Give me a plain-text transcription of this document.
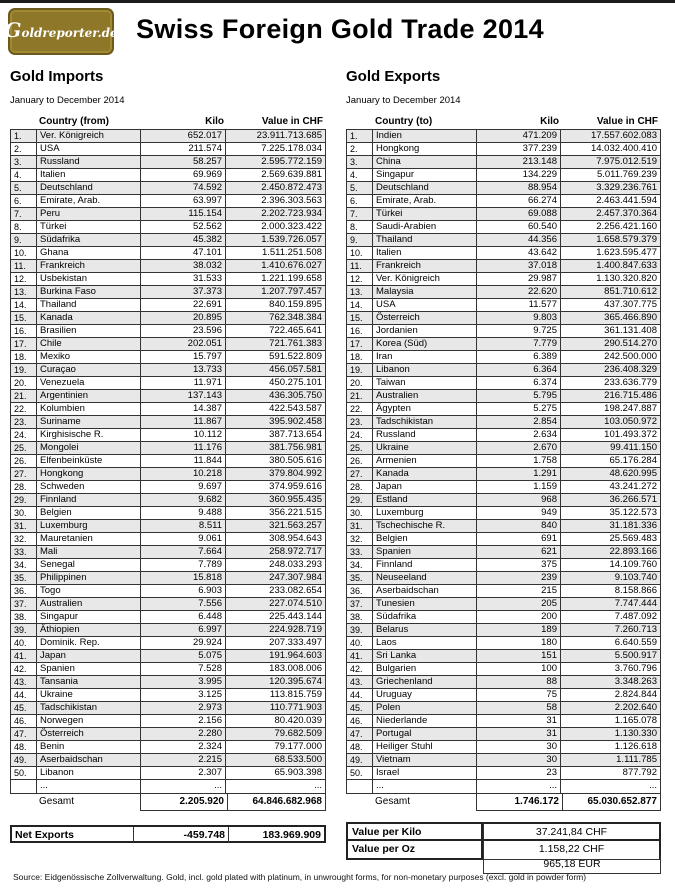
Goldreporter.de Swiss Foreign Gold Trade 2014
Gold Imports
January to December 2014
Country (from)	Kilo	Value in CHF
1.	Ver. Königreich	652.017	23.911.713.685
2.	USA	211.574	7.225.178.034
3.	Russland	58.257	2.595.772.159
4.	Italien	69.969	2.569.639.881
5.	Deutschland	74.592	2.450.872.473
6.	Emirate, Arab.	63.997	2.396.303.563
7.	Peru	115.154	2.202.723.934
8.	Türkei	52.562	2.000.323.422
9.	Südafrika	45.382	1.539.726.057
10.	Ghana	47.101	1.511.251.508
11.	Frankreich	38.032	1.410.676.027
12.	Usbekistan	31.533	1.221.199.658
13.	Burkina Faso	37.373	1.207.797.457
14.	Thailand	22.691	840.159.895
15.	Kanada	20.895	762.348.384
16.	Brasilien	23.596	722.465.641
17.	Chile	202.051	721.761.383
18.	Mexiko	15.797	591.522.809
19.	Curaçao	13.733	456.057.581
20.	Venezuela	11.971	450.275.101
21.	Argentinien	137.143	436.305.750
22.	Kolumbien	14.387	422.543.587
23.	Suriname	11.867	395.902.458
24.	Kirghisische R.	10.112	387.713.654
25.	Mongolei	11.176	381.756.981
26.	Elfenbeinküste	11.844	380.505.616
27.	Hongkong	10.218	379.804.992
28.	Schweden	9.697	374.959.616
29.	Finnland	9.682	360.955.435
30.	Belgien	9.488	356.221.515
31.	Luxemburg	8.511	321.563.257
32.	Mauretanien	9.061	308.954.643
33.	Mali	7.664	258.972.717
34.	Senegal	7.789	248.033.293
35.	Philippinen	15.818	247.307.984
36.	Togo	6.903	233.082.654
37.	Australien	7.556	227.074.510
38.	Singapur	6.448	225.443.144
39.	Äthiopien	6.997	224.928.719
40.	Dominik. Rep.	29.924	207.333.497
41.	Japan	5.075	191.964.603
42.	Spanien	7.528	183.008.006
43.	Tansania	3.995	120.395.674
44.	Ukraine	3.125	113.815.759
45.	Tadschikistan	2.973	110.771.903
46.	Norwegen	2.156	80.420.039
47.	Österreich	2.280	79.682.509
48.	Benin	2.324	79.177.000
49.	Aserbaidschan	2.215	68.533.500
50.	Libanon	2.307	65.903.398
...	...	...
Gesamt	2.205.920	64.846.682.968
Net Exports	-459.748	183.969.909
Gold Exports
January to December 2014
Country (to)	Kilo	Value in CHF
1.	Indien	471.209	17.557.602.083
2.	Hongkong	377.239	14.032.400.410
3.	China	213.148	7.975.012.519
4.	Singapur	134.229	5.011.769.239
5.	Deutschland	88.954	3.329.236.761
6.	Emirate, Arab.	66.274	2.463.441.594
7.	Türkei	69.088	2.457.370.364
8.	Saudi-Arabien	60.540	2.256.421.160
9.	Thailand	44.356	1.658.579.379
10.	Italien	43.642	1.623.595.477
11.	Frankreich	37.018	1.400.847.633
12.	Ver. Königreich	29.987	1.130.320.820
13.	Malaysia	22.620	851.710.612
14.	USA	11.577	437.307.775
15.	Österreich	9.803	365.466.890
16.	Jordanien	9.725	361.131.408
17.	Korea (Süd)	7.779	290.514.270
18.	Iran	6.389	242.500.000
19.	Libanon	6.364	236.408.329
20.	Taiwan	6.374	233.636.779
21.	Australien	5.795	216.715.486
22.	Ägypten	5.275	198.247.887
23.	Tadschikistan	2.854	103.050.972
24.	Russland	2.634	101.493.372
25.	Ukraine	2.670	99.411.150
26.	Armenien	1.758	65.176.284
27.	Kanada	1.291	48.620.995
28.	Japan	1.159	43.241.272
29.	Estland	968	36.266.571
30.	Luxemburg	949	35.122.573
31.	Tschechische R.	840	31.181.336
32.	Belgien	691	25.569.483
33.	Spanien	621	22.893.166
34.	Finnland	375	14.109.760
35.	Neuseeland	239	9.103.740
36.	Aserbaidschan	215	8.158.866
37.	Tunesien	205	7.747.444
38.	Südafrika	200	7.487.092
39.	Belarus	189	7.260.713
40.	Laos	180	6.640.559
41.	Sri Lanka	151	5.500.917
42.	Bulgarien	100	3.760.796
43.	Griechenland	88	3.348.263
44.	Uruguay	75	2.824.844
45.	Polen	58	2.202.640
46.	Niederlande	31	1.165.078
47.	Portugal	31	1.130.330
48.	Heiliger Stuhl	30	1.126.618
49.	Vietnam	30	1.111.785
50.	Israel	23	877.792
...	...	...
Gesamt	1.746.172	65.030.652.877
Value per Kilo	37.241,84 CHF
Value per Oz	1.158,22 CHF
965,18 EUR
Source: Eidgenössische Zollverwaltung. Gold, incl. gold plated with platinum, in unwrought forms, for non-monetary purposes (excl. gold in powder form)
